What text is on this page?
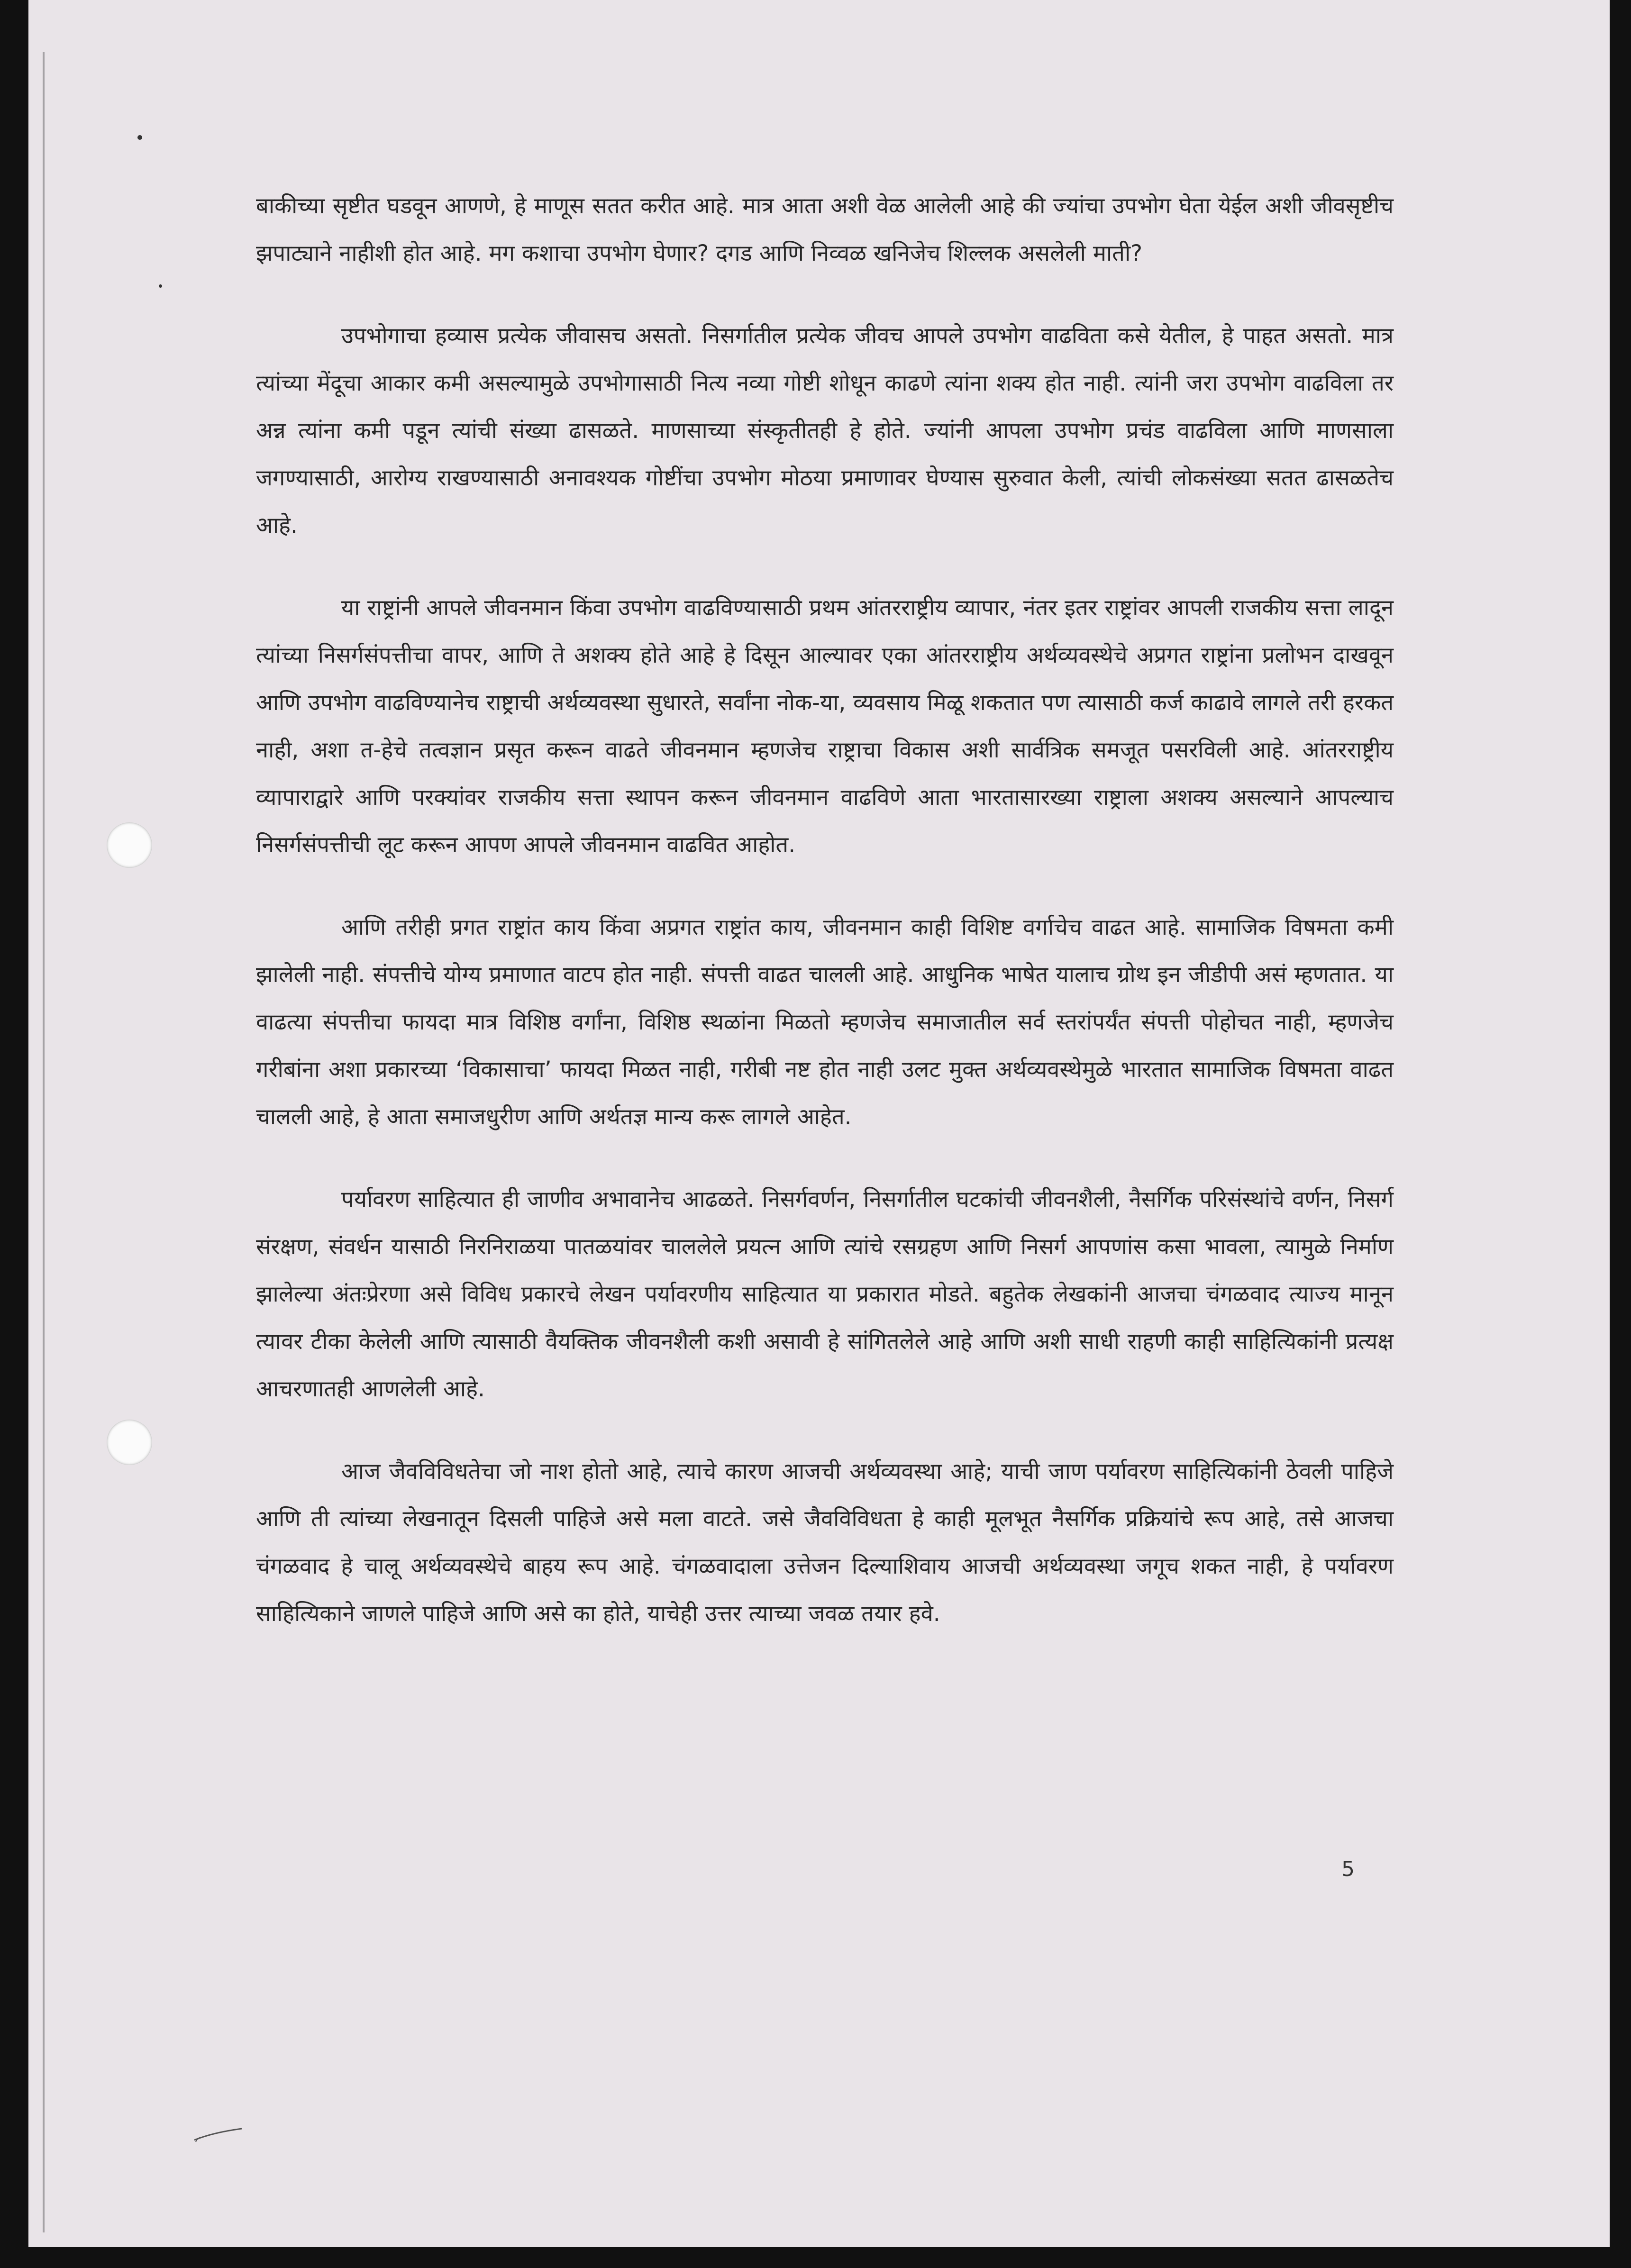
बाकीच्या सृष्टीत घडवून आणणे, हे माणूस सतत करीत आहे. मात्र आता अशी वेळ आलेली आहे की ज्यांचा उपभोग घेता येईल अशी जीवसृष्टीच झपाट्याने नाहीशी होत आहे. मग कशाचा उपभोग घेणार? दगड आणि निव्वळ खनिजेच शिल्लक असलेली माती?

उपभोगाचा हव्यास प्रत्येक जीवासच असतो. निसर्गातील प्रत्येक जीवच आपले उपभोग वाढविता कसे येतील, हे पाहत असतो. मात्र त्यांच्या मेंदूचा आकार कमी असल्यामुळे उपभोगासाठी नित्य नव्या गोष्टी शोधून काढणे त्यांना शक्य होत नाही. त्यांनी जरा उपभोग वाढविला तर अन्न त्यांना कमी पडून त्यांची संख्या ढासळते. माणसाच्या संस्कृतीतही हे होते. ज्यांनी आपला उपभोग प्रचंड वाढविला आणि माणसाला जगण्यासाठी, आरोग्य राखण्यासाठी अनावश्यक गोष्टींचा उपभोग मोठया प्रमाणावर घेण्यास सुरुवात केली, त्यांची लोकसंख्या सतत ढासळतेच आहे.

या राष्ट्रांनी आपले जीवनमान किंवा उपभोग वाढविण्यासाठी प्रथम आंतरराष्ट्रीय व्यापार, नंतर इतर राष्ट्रांवर आपली राजकीय सत्ता लादून त्यांच्या निसर्गसंपत्तीचा वापर, आणि ते अशक्य होते आहे हे दिसून आल्यावर एका आंतरराष्ट्रीय अर्थव्यवस्थेचे अप्रगत राष्ट्रांना प्रलोभन दाखवून आणि उपभोग वाढविण्यानेच राष्ट्राची अर्थव्यवस्था सुधारते, सर्वांना नोक-या, व्यवसाय मिळू शकतात पण त्यासाठी कर्ज काढावे लागले तरी हरकत नाही, अशा त-हेचे तत्वज्ञान प्रसृत करून वाढते जीवनमान म्हणजेच राष्ट्राचा विकास अशी सार्वत्रिक समजूत पसरविली आहे. आंतरराष्ट्रीय व्यापाराद्वारे आणि परक्यांवर राजकीय सत्ता स्थापन करून जीवनमान वाढविणे आता भारतासारख्या राष्ट्राला अशक्य असल्याने आपल्याच निसर्गसंपत्तीची लूट करून आपण आपले जीवनमान वाढवित आहोत.

आणि तरीही प्रगत राष्ट्रांत काय किंवा अप्रगत राष्ट्रांत काय, जीवनमान काही विशिष्ट वर्गाचेच वाढत आहे. सामाजिक विषमता कमी झालेली नाही. संपत्तीचे योग्य प्रमाणात वाटप होत नाही. संपत्ती वाढत चालली आहे. आधुनिक भाषेत यालाच ग्रोथ इन जीडीपी असं म्हणतात. या वाढत्या संपत्तीचा फायदा मात्र विशिष्ठ वर्गांना, विशिष्ठ स्थळांना मिळतो म्हणजेच समाजातील सर्व स्तरांपर्यंत संपत्ती पोहोचत नाही, म्हणजेच गरीबांना अशा प्रकारच्या ‘विकासाचा’ फायदा मिळत नाही, गरीबी नष्ट होत नाही उलट मुक्त अर्थव्यवस्थेमुळे भारतात सामाजिक विषमता वाढत चालली आहे, हे आता समाजधुरीण आणि अर्थतज्ञ मान्य करू लागले आहेत.

पर्यावरण साहित्यात ही जाणीव अभावानेच आढळते. निसर्गवर्णन, निसर्गातील घटकांची जीवनशैली, नैसर्गिक परिसंस्थांचे वर्णन, निसर्ग संरक्षण, संवर्धन यासाठी निरनिराळया पातळयांवर चाललेले प्रयत्न आणि त्यांचे रसग्रहण आणि निसर्ग आपणांस कसा भावला, त्यामुळे निर्माण झालेल्या अंतःप्रेरणा असे विविध प्रकारचे लेखन पर्यावरणीय साहित्यात या प्रकारात मोडते. बहुतेक लेखकांनी आजचा चंगळवाद त्याज्य मानून त्यावर टीका केलेली आणि त्यासाठी वैयक्तिक जीवनशैली कशी असावी हे सांगितलेले आहे आणि अशी साधी राहणी काही साहित्यिकांनी प्रत्यक्ष आचरणातही आणलेली आहे.

आज जैवविविधतेचा जो नाश होतो आहे, त्याचे कारण आजची अर्थव्यवस्था आहे; याची जाण पर्यावरण साहित्यिकांनी ठेवली पाहिजे आणि ती त्यांच्या लेखनातून दिसली पाहिजे असे मला वाटते. जसे जैवविविधता हे काही मूलभूत नैसर्गिक प्रक्रियांचे रूप आहे, तसे आजचा चंगळवाद हे चालू अर्थव्यवस्थेचे बाहय रूप आहे. चंगळवादाला उत्तेजन दिल्याशिवाय आजची अर्थव्यवस्था जगूच शकत नाही, हे पर्यावरण साहित्यिकाने जाणले पाहिजे आणि असे का होते, याचेही उत्तर त्याच्या जवळ तयार हवे.

5
